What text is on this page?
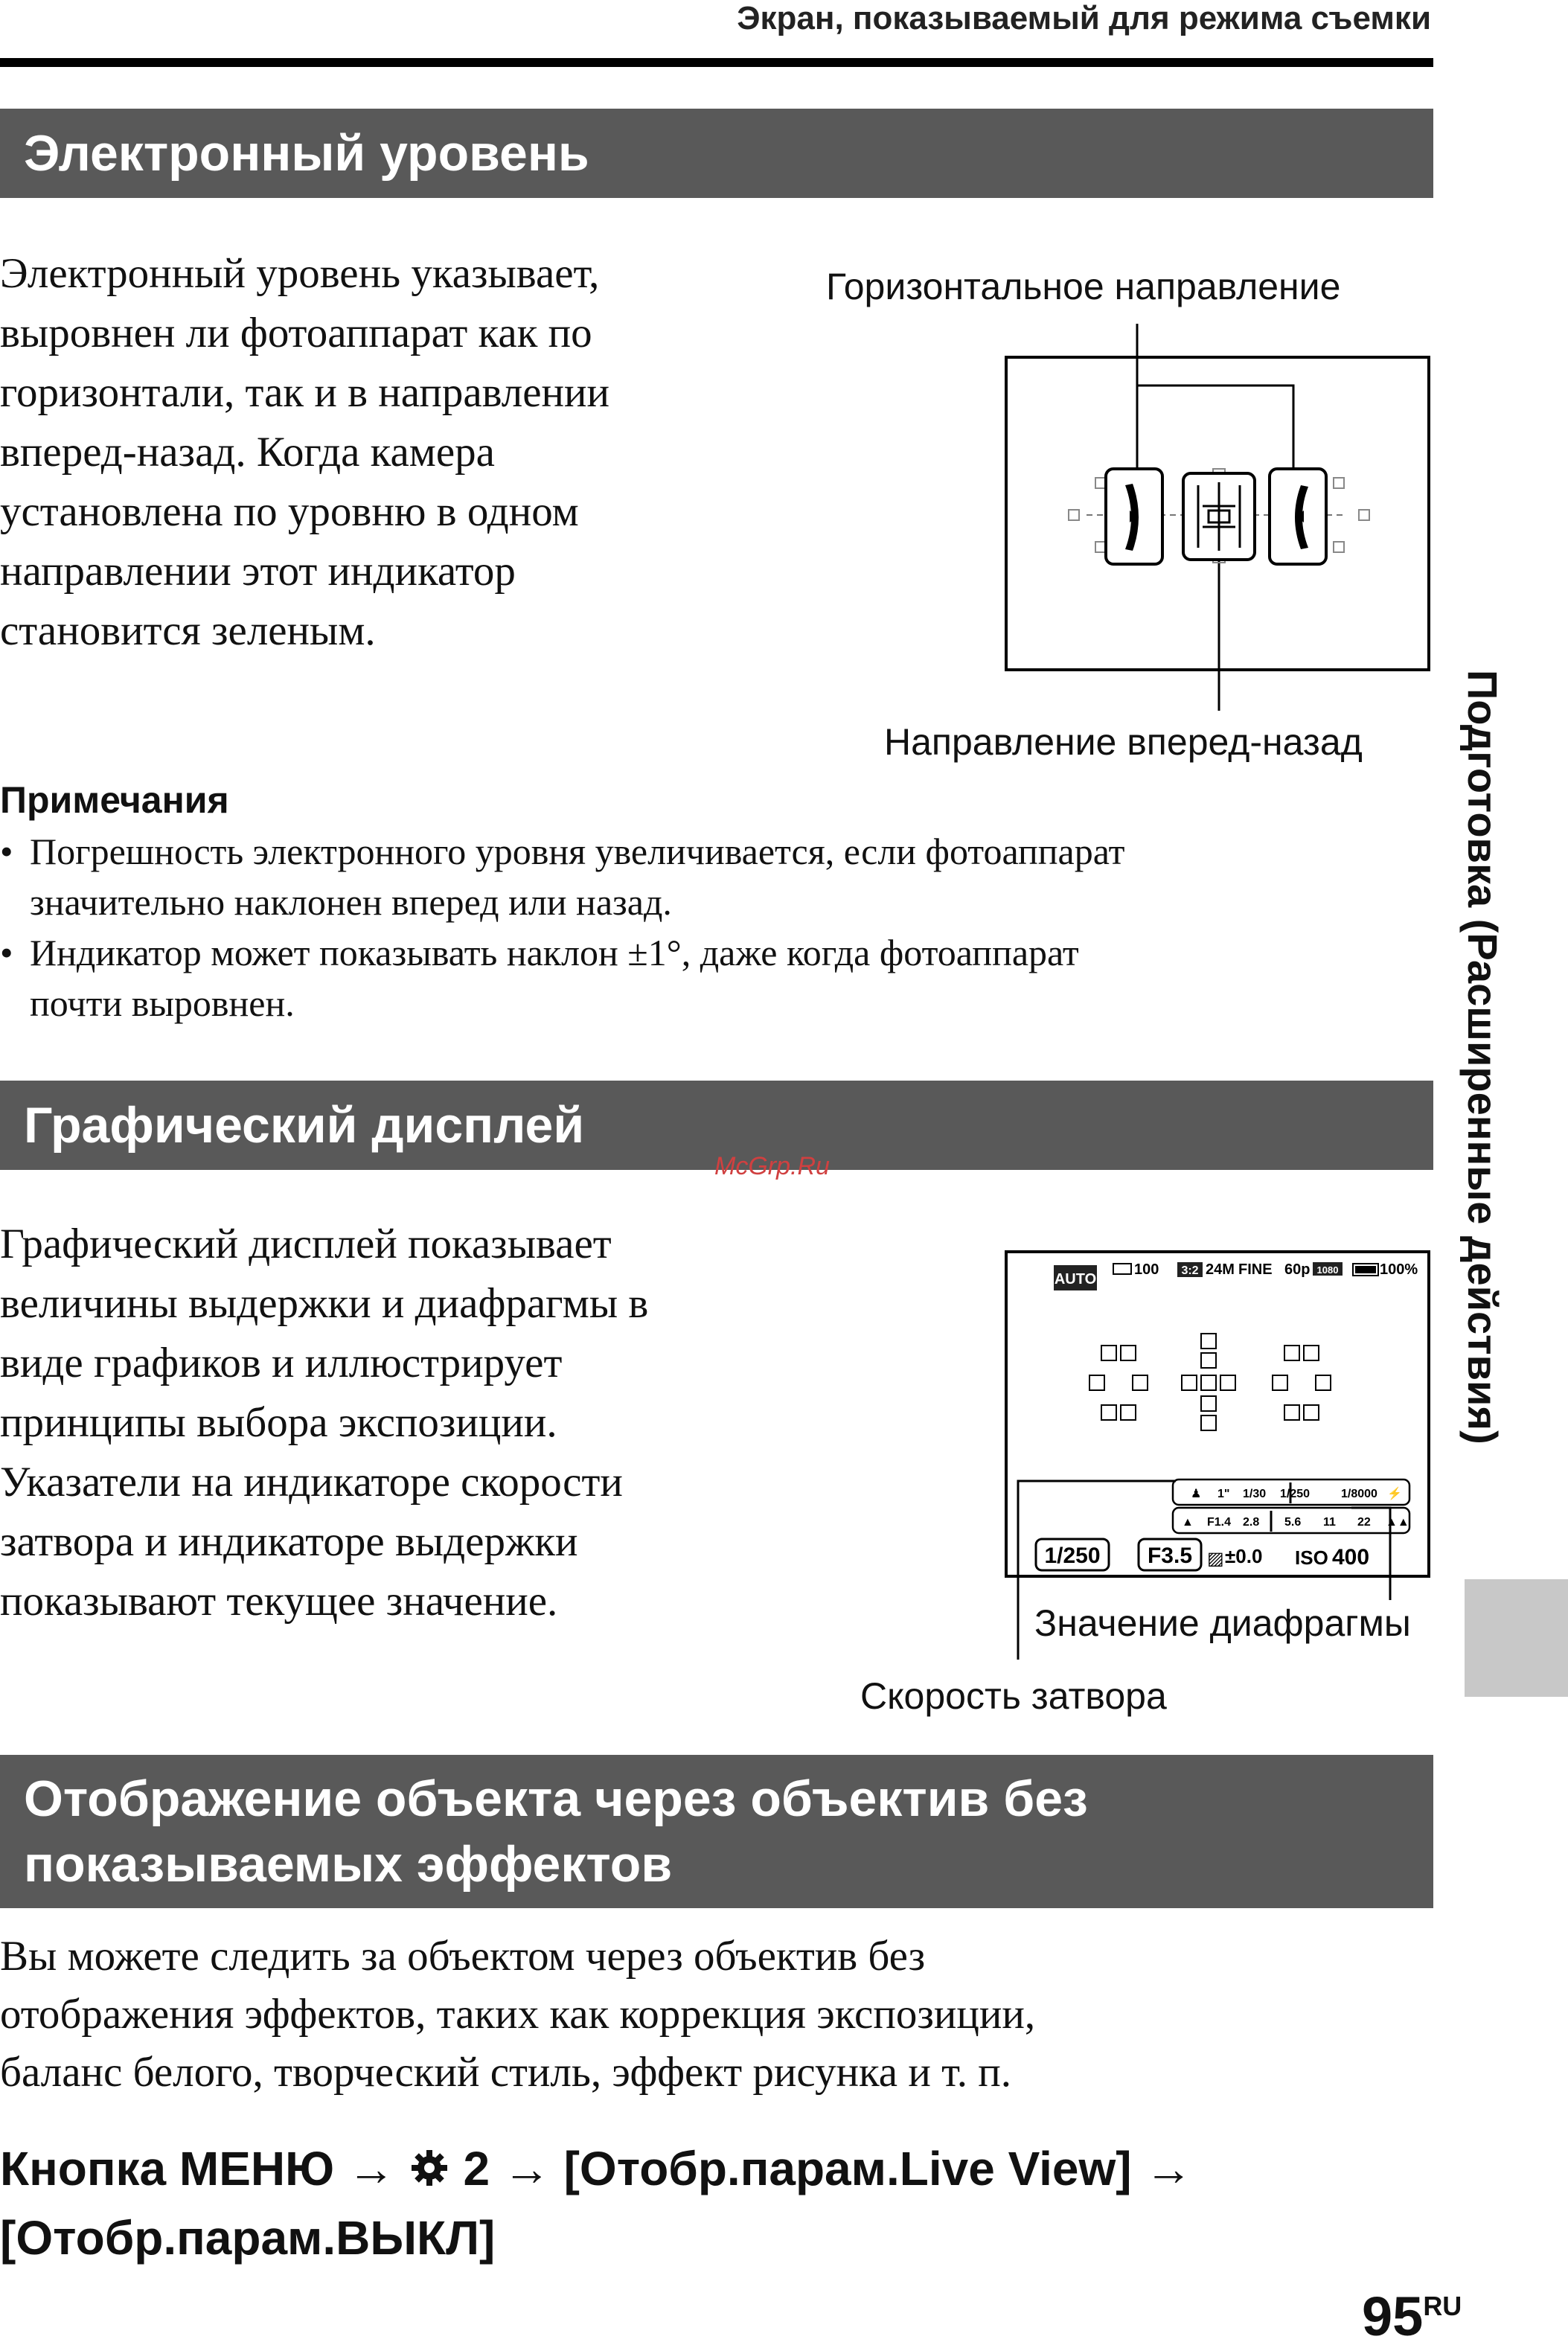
Экран, показываемый для режима съемки
Электронный уровень
Электронный уровень указывает,
выровнен ли фотоаппарат как по
горизонтали, так и в направлении
вперед-назад. Когда камера
установлена по уровню в одном
направлении этот индикатор
становится зеленым.
Горизонтальное направление
Направление вперед-назад
Примечания
• Погрешность электронного уровня увеличивается, если фотоаппарат
значительно наклонен вперед или назад.
• Индикатор может показывать наклон ±1°, даже когда фотоаппарат
почти выровнен.
Графический дисплей
McGrp.Ru
Графический дисплей показывает
величины выдержки и диафрагмы в
виде графиков и иллюстрирует
принципы выбора экспозиции.
Указатели на индикаторе скорости
затвора и индикаторе выдержки
показывают текущее значение.
AUTO
100 3:2 24M FINE 60p 1080	100%
♟ 1" 1/30 1/250	1/8000 ⚡
▲ F1.4 2.8 5.6 11 22 ▲▲
1/250 F3.5 ▨ ±0.0 ISO 400
Значение диафрагмы
Скорость затвора
Отображение объекта через объектив без
показываемых эффектов
Вы можете следить за объектом через объектив без
отображения эффектов, таких как коррекция экспозиции,
баланс белого, творческий стиль, эффект рисунка и т. п.
Кнопка МЕНЮ → 2 → [Отобр.парам.Live View] →
[Отобр.парам.ВЫКЛ]
Подготовка (Расширенные действия)
$95^{RU}$
